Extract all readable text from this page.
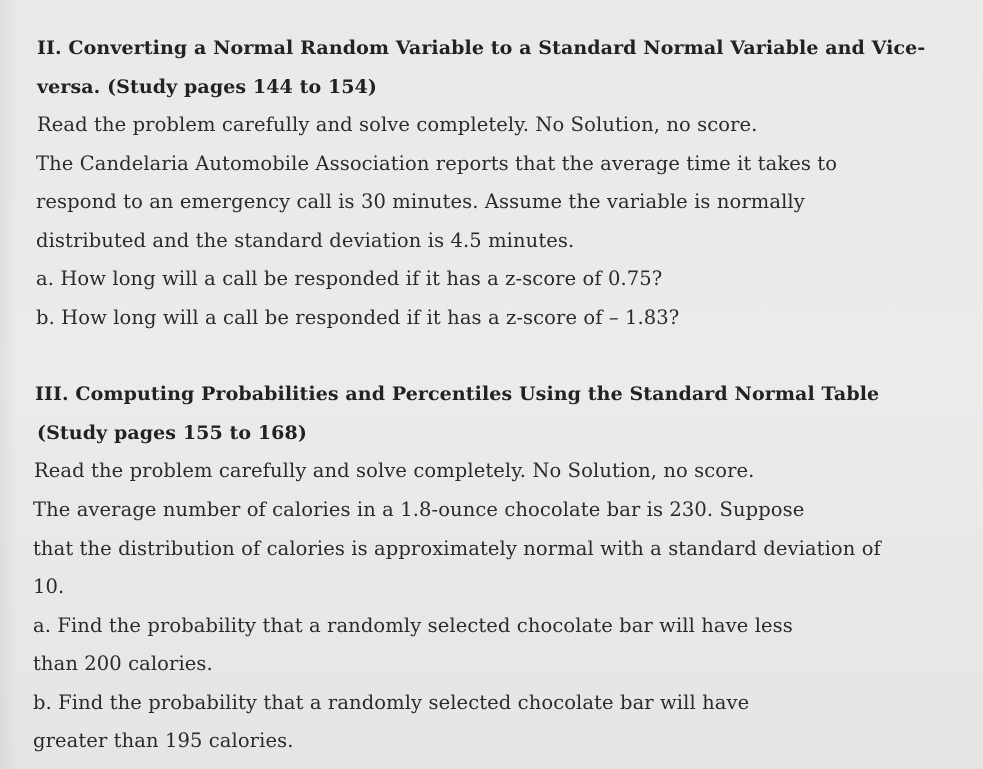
II. Converting a Normal Random Variable to a Standard Normal Variable and Vice-
versa. (Study pages 144 to 154)
Read the problem carefully and solve completely. No Solution, no score.
The Candelaria Automobile Association reports that the average time it takes to
respond to an emergency call is 30 minutes. Assume the variable is normally
distributed and the standard deviation is 4.5 minutes.
a. How long will a call be responded if it has a z-score of 0.75?
b. How long will a call be responded if it has a z-score of – 1.83?
III. Computing Probabilities and Percentiles Using the Standard Normal Table
(Study pages 155 to 168)
Read the problem carefully and solve completely. No Solution, no score.
The average number of calories in a 1.8-ounce chocolate bar is 230. Suppose
that the distribution of calories is approximately normal with a standard deviation of
10.
a. Find the probability that a randomly selected chocolate bar will have less
than 200 calories.
b. Find the probability that a randomly selected chocolate bar will have
greater than 195 calories.
